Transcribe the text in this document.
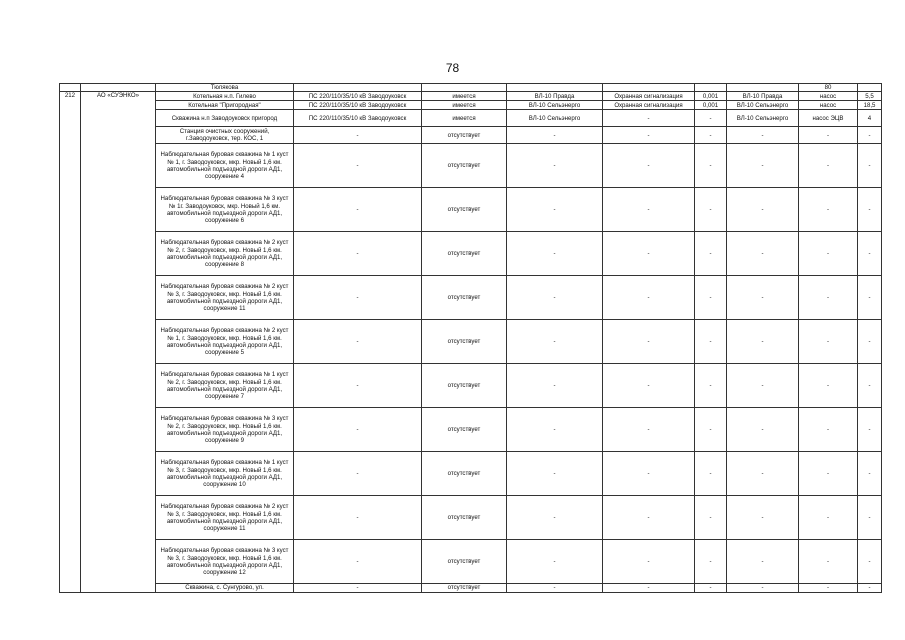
78

		Тюлякова							80	
212	АО «СУЭНКО»	Котельная н.п. Гилево	ПС 220/110/35/10 кВ Заводоуковск	имеется	ВЛ-10 Правда	Охранная сигнализация	0,001	ВЛ-10 Правда	насос	5,5
		Котельная "Пригородная"	ПС 220/110/35/10 кВ Заводоуковск	имеется	ВЛ-10 Сельэнерго	Охранная сигнализация	0,001	ВЛ-10 Сельэнерго	насос	18,5
		Скважина н.п Заводоуковск пригород	ПС 220/110/35/10 кВ Заводоуковск	имеется	ВЛ-10 Сельэнерго	-	-	ВЛ-10 Сельэнерго	насос ЭЦВ	4
		Станция очистных сооружений, г.Заводоуковск, тер. КОС, 1	-	отсутствует	-	-	-	-	-	-
		Наблюдательная буровая скважина № 1 куст № 1, г. Заводоуковск, мкр. Новый 1,6 км. автомобильной подъездной дороги АД1, сооружение 4	-	отсутствует	-	-	-	-	-	-
		Наблюдательная буровая скважина № 3 куст № 1г. Заводоуковск, мкр. Новый 1,6 км. автомобильной подъездной дороги АД1, сооружение 6	-	отсутствует	-	-	-	-	-	-
		Наблюдательная буровая скважина № 2 куст № 2, г. Заводоуковск, мкр. Новый 1,6 км. автомобильной подъездной дороги АД1, сооружение 8	-	отсутствует	-	-	-	-	-	-
		Наблюдательная буровая скважина № 2 куст № 3, г. Заводоуковск, мкр. Новый 1,6 км. автомобильной подъездной дороги АД1, сооружение 11	-	отсутствует	-	-	-	-	-	-
		Наблюдательная буровая скважина № 2 куст № 1, г. Заводоуковск, мкр. Новый 1,6 км. автомобильной подъездной дороги АД1, сооружение 5	-	отсутствует	-	-	-	-	-	-
		Наблюдательная буровая скважина № 1 куст № 2, г. Заводоуковск, мкр. Новый 1,6 км. автомобильной подъездной дороги АД1, сооружение 7	-	отсутствует	-	-	-	-	-	-
		Наблюдательная буровая скважина № 3 куст № 2, г. Заводоуковск, мкр. Новый 1,6 км. автомобильной подъездной дороги АД1, сооружение 9	-	отсутствует	-	-	-	-	-	-
		Наблюдательная буровая скважина № 1 куст № 3, г. Заводоуковск, мкр. Новый 1,6 км. автомобильной подъездной дороги АД1, сооружение 10	-	отсутствует	-	-	-	-	-	-
		Наблюдательная буровая скважина № 2 куст № 3, г. Заводоуковск, мкр. Новый 1,6 км. автомобильной подъездной дороги АД1, сооружение 11	-	отсутствует	-	-	-	-	-	-
		Наблюдательная буровая скважина № 3 куст № 3, г. Заводоуковск, мкр. Новый 1,6 км. автомобильной подъездной дороги АД1, сооружение 12	-	отсутствует	-	-	-	-	-	-

		Скважина, с. Сунгурово, ул.	-	отсутствует	-	-	-	-	-	-
